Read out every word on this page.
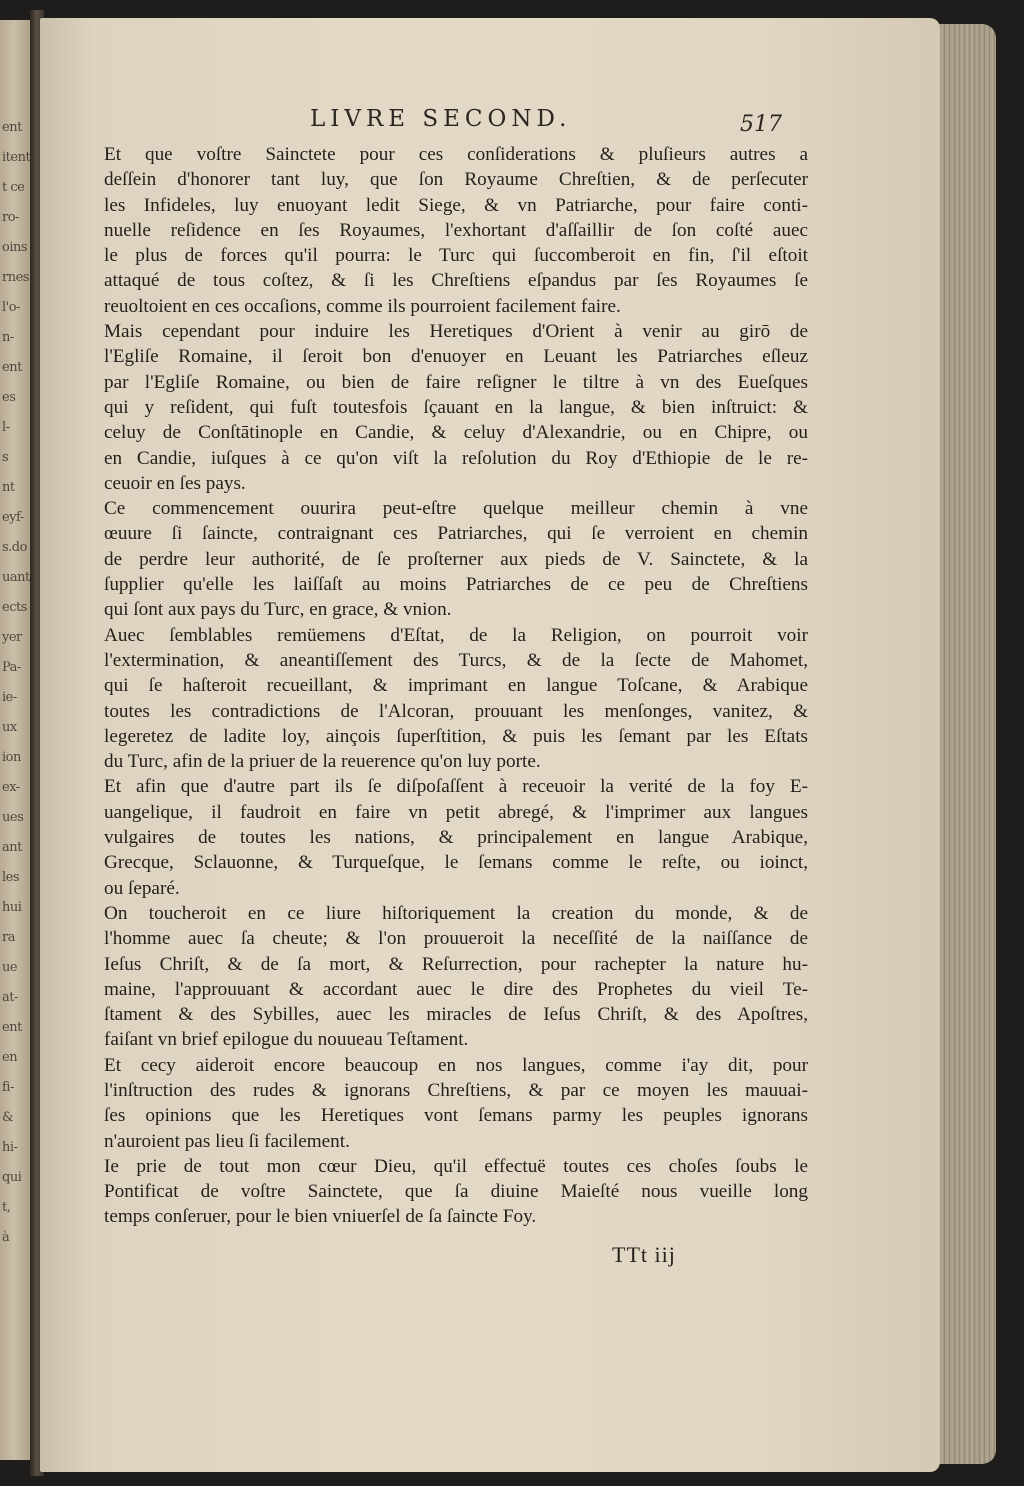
ent
itent
t ce
ro-
oins
rnes
l'o-
n-
ent
es
l-
s
nt
eyf-
s.do
uant
ects
yer
Pa-
ie-
ux
ion
ex-
ues
ant
les
hui
ra
ue
at-
ent
en
fi-
&
hi-
qui
t,
à
LIVRE SECOND.	517
Et que voſtre Sainctete pour ces conſiderations & pluſieurs autres a
deſſein d'honorer tant luy, que ſon Royaume Chreſtien, & de perſecuter
les Infideles, luy enuoyant ledit Siege, & vn Patriarche, pour faire conti-
nuelle reſidence en ſes Royaumes, l'exhortant d'aſſaillir de ſon coſté auec
le plus de forces qu'il pourra: le Turc qui ſuccomberoit en fin, ſ'il eſtoit
attaqué de tous coſtez, & ſi les Chreſtiens eſpandus par ſes Royaumes ſe
reuoltoient en ces occaſions, comme ils pourroient facilement faire.
Mais cependant pour induire les Heretiques d'Orient à venir au girō de
l'Egliſe Romaine, il ſeroit bon d'enuoyer en Leuant les Patriarches eſleuz
par l'Egliſe Romaine, ou bien de faire reſigner le tiltre à vn des Eueſques
qui y reſident, qui fuſt toutesfois ſçauant en la langue, & bien inſtruict: &
celuy de Conſtātinople en Candie, & celuy d'Alexandrie, ou en Chipre, ou
en Candie, iuſques à ce qu'on viſt la reſolution du Roy d'Ethiopie de le re-
ceuoir en ſes pays.
Ce commencement ouurira peut-eſtre quelque meilleur chemin à vne
œuure ſi ſaincte, contraignant ces Patriarches, qui ſe verroient en chemin
de perdre leur authorité, de ſe proſterner aux pieds de V. Sainctete, & la
ſupplier qu'elle les laiſſaſt au moins Patriarches de ce peu de Chreſtiens
qui ſont aux pays du Turc, en grace, & vnion.
Auec ſemblables remüemens d'Eſtat, de la Religion, on pourroit voir
l'extermination, & aneantiſſement des Turcs, & de la ſecte de Mahomet,
qui ſe haſteroit recueillant, & imprimant en langue Toſcane, & Arabique
toutes les contradictions de l'Alcoran, prouuant les menſonges, vanitez, &
legeretez de ladite loy, ainçois ſuperſtition, & puis les ſemant par les Eſtats
du Turc, afin de la priuer de la reuerence qu'on luy porte.
Et afin que d'autre part ils ſe diſpoſaſſent à receuoir la verité de la foy E-
uangelique, il faudroit en faire vn petit abregé, & l'imprimer aux langues
vulgaires de toutes les nations, & principalement en langue Arabique,
Grecque, Sclauonne, & Turqueſque, le ſemans comme le reſte, ou ioinct,
ou ſeparé.
On toucheroit en ce liure hiſtoriquement la creation du monde, & de
l'homme auec ſa cheute; & l'on prouueroit la neceſſité de la naiſſance de
Ieſus Chriſt, & de ſa mort, & Reſurrection, pour rachepter la nature hu-
maine, l'approuuant & accordant auec le dire des Prophetes du vieil Te-
ſtament & des Sybilles, auec les miracles de Ieſus Chriſt, & des Apoſtres,
faiſant vn brief epilogue du nouueau Teſtament.
Et cecy aideroit encore beaucoup en nos langues, comme i'ay dit, pour
l'inſtruction des rudes & ignorans Chreſtiens, & par ce moyen les mauuai-
ſes opinions que les Heretiques vont ſemans parmy les peuples ignorans
n'auroient pas lieu ſi facilement.
Ie prie de tout mon cœur Dieu, qu'il effectuë toutes ces choſes ſoubs le
Pontificat de voſtre Sainctete, que ſa diuine Maieſté nous vueille long
temps conſeruer, pour le bien vniuerſel de ſa ſaincte Foy.
TTt iij
